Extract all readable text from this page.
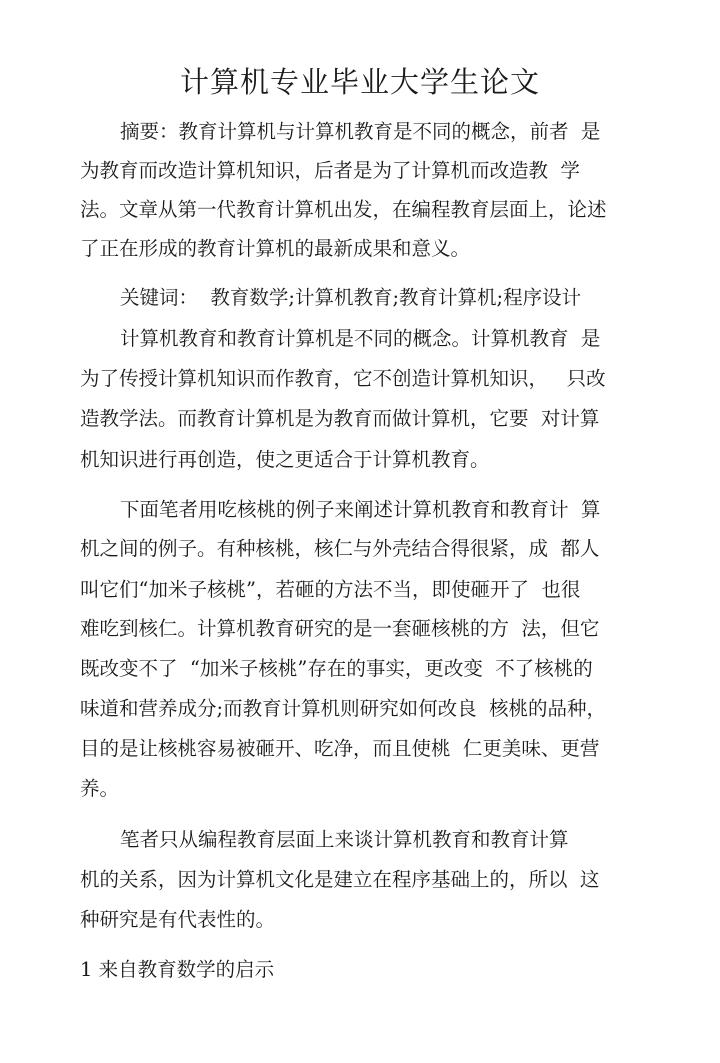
计算机专业毕业大学生论文

摘要：教育计算机与计算机教育是不同的概念，前者  是

为教育而改造计算机知识，后者是为了计算机而改造教  学

法。文章从第一代教育计算机出发，在编程教育层面上，论述

了正在形成的教育计算机的最新成果和意义。

关键词：  教育数学;计算机教育;教育计算机;程序设计

计算机教育和教育计算机是不同的概念。计算机教育  是

为了传授计算机知识而作教育，它不创造计算机知识，   只改

造教学法。而教育计算机是为教育而做计算机，它要  对计算

机知识进行再创造，使之更适合于计算机教育。

下面笔者用吃核桃的例子来阐述计算机教育和教育计  算

机之间的例子。有种核桃，核仁与外壳结合得很紧，成  都人

叫它们“加米子核桃”，若砸的方法不当，即使砸开了  也很

难吃到核仁。计算机教育研究的是一套砸核桃的方  法，但它

既改变不了  “加米子核桃”存在的事实，更改变  不了核桃的

味道和营养成分;而教育计算机则研究如何改良  核桃的品种，

目的是让核桃容易被砸开、吃净，而且使桃  仁更美味、更营

养。

笔者只从编程教育层面上来谈计算机教育和教育计算

机的关系，因为计算机文化是建立在程序基础上的，所以  这

种研究是有代表性的。

1 来自教育数学的启示
